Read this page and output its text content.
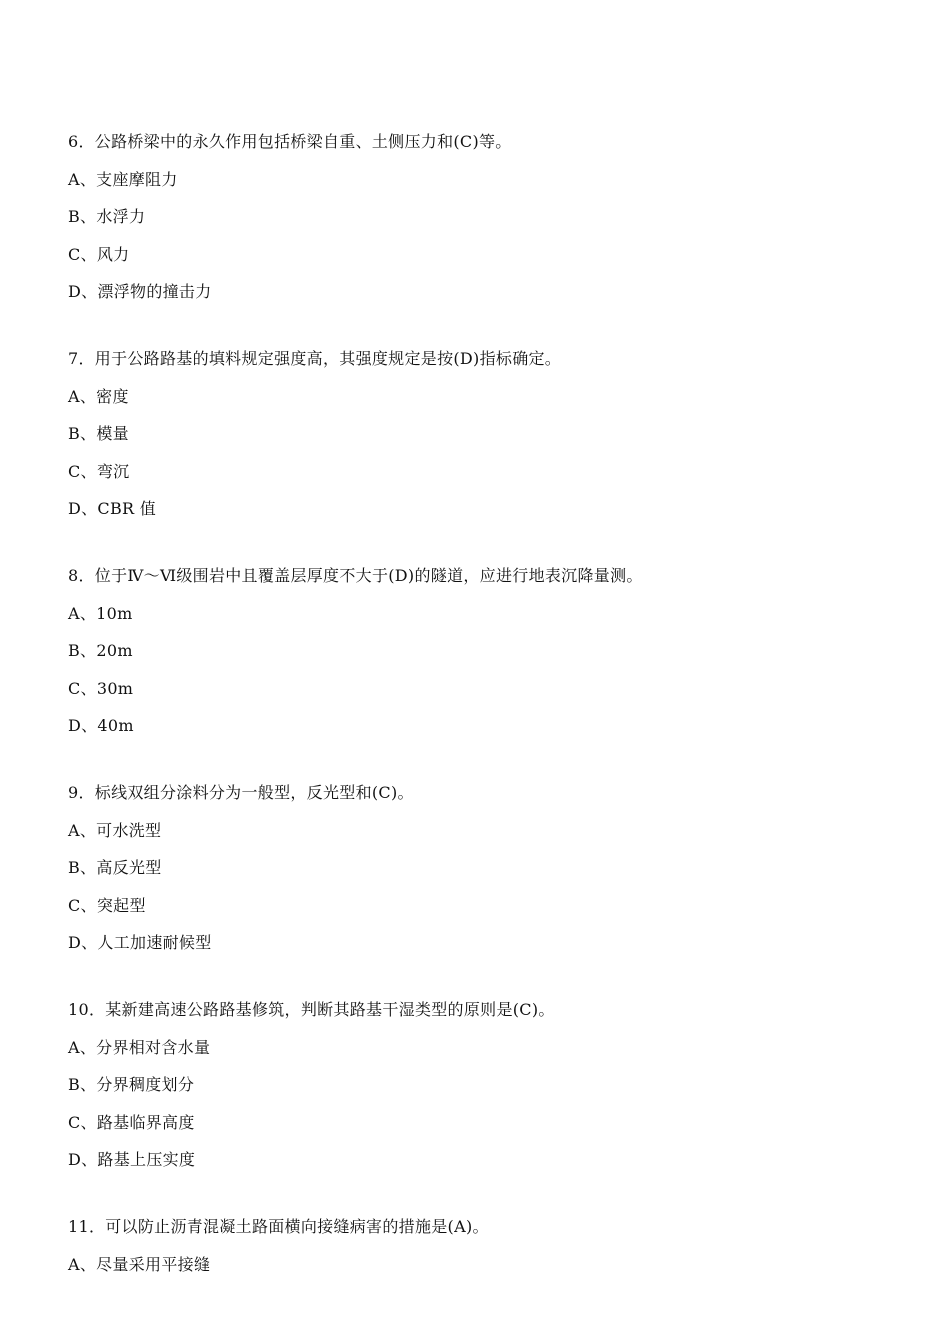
6．公路桥梁中的永久作用包括桥梁自重、土侧压力和(C)等。
A、支座摩阻力
B、水浮力
C、风力
D、漂浮物的撞击力
7．用于公路路基的填料规定强度高，其强度规定是按(D)指标确定。
A、密度
B、模量
C、弯沉
D、CBR 值
8．位于Ⅳ～Ⅵ级围岩中且覆盖层厚度不大于(D)的隧道，应进行地表沉降量测。
A、10m
B、20m
C、30m
D、40m
9．标线双组分涂料分为一般型，反光型和(C)。
A、可水洗型
B、高反光型
C、突起型
D、人工加速耐候型
10．某新建高速公路路基修筑，判断其路基干湿类型的原则是(C)。
A、分界相对含水量
B、分界稠度划分
C、路基临界高度
D、路基上压实度
11．可以防止沥青混凝土路面横向接缝病害的措施是(A)。
A、尽量采用平接缝
